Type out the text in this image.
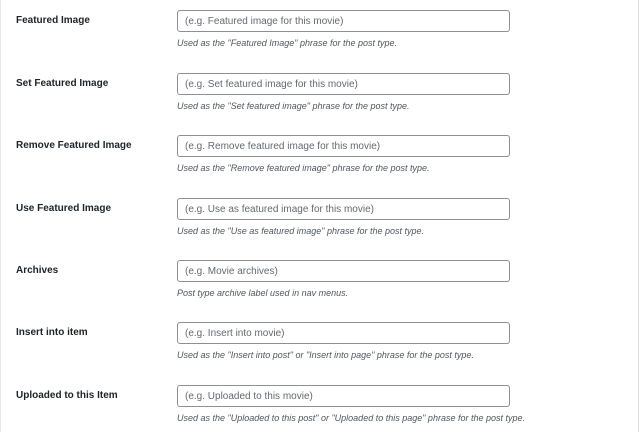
Featured Image
(e.g. Featured image for this movie)
Used as the "Featured Image" phrase for the post type.
Set Featured Image
(e.g. Set featured image for this movie)
Used as the "Set featured image" phrase for the post type.
Remove Featured Image
(e.g. Remove featured image for this movie)
Used as the "Remove featured image" phrase for the post type.
Use Featured Image
(e.g. Use as featured image for this movie)
Used as the "Use as featured image" phrase for the post type.
Archives
(e.g. Movie archives)
Post type archive label used in nav menus.
Insert into item
(e.g. Insert into movie)
Used as the "Insert into post" or "Insert into page" phrase for the post type.
Uploaded to this Item
(e.g. Uploaded to this movie)
Used as the "Uploaded to this post" or "Uploaded to this page" phrase for the post type.
